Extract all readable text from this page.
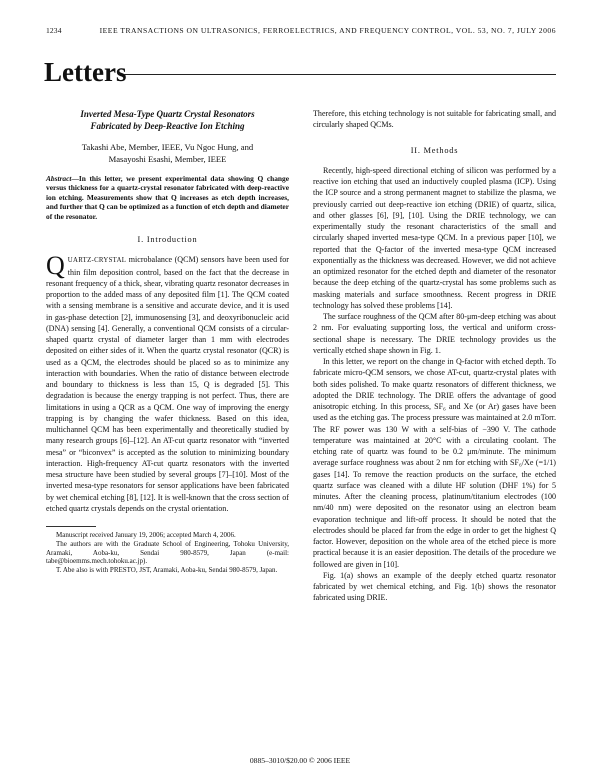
1234	IEEE TRANSACTIONS ON ULTRASONICS, FERROELECTRICS, AND FREQUENCY CONTROL, VOL. 53, NO. 7, JULY 2006
Letters
Inverted Mesa-Type Quartz Crystal Resonators
Fabricated by Deep-Reactive Ion Etching
Takashi Abe, Member, IEEE, Vu Ngoc Hung, and
Masayoshi Esashi, Member, IEEE
Abstract—In this letter, we present experimental data showing Q change versus thickness for a quartz-crystal resonator fabricated with deep-reactive ion etching. Measurements show that Q increases as etch depth increases, and further that Q can be optimized as a function of etch depth and diameter of the resonator.
I. Introduction

QUARTZ-CRYSTAL microbalance (QCM) sensors have been used for thin film deposition control, based on the fact that the decrease in resonant frequency of a thick, shear, vibrating quartz resonator decreases in proportion to the added mass of any deposited film [1]. The QCM coated with a sensing membrane is a sensitive and accurate device, and it is used in gas-phase detection [2], immunosensing [3], and deoxyribonucleic acid (DNA) sensing [4]. Generally, a conventional QCM consists of a circular-shaped quartz crystal of diameter larger than 1 mm with electrodes deposited on either sides of it. When the quartz crystal resonator (QCR) is used as a QCM, the electrodes should be placed so as to minimize any interaction with boundaries. When the ratio of distance between electrode and boundary to thickness is less than 15, Q is degraded [5]. This degradation is because the energy trapping is not perfect. Thus, there are limitations in using a QCR as a QCM. One way of improving the energy trapping is by changing the wafer thickness. Based on this idea, multichannel QCM has been experimentally and theoretically studied by many research groups [6]–[12]. An AT-cut quartz resonator with “inverted mesa” or “biconvex” is accepted as the solution to minimizing boundary interaction. High-frequency AT-cut quartz resonators with the inverted mesa structure have been studied by several groups [7]–[10]. Most of the inverted mesa-type resonators for sensor applications have been fabricated by wet chemical etching [8], [12]. It is well-known that the cross section of etched quartz crystals depends on the crystal orientation.

Manuscript received January 19, 2006; accepted March 4, 2006.

The authors are with the Graduate School of Engineering, Tohoku University, Aramaki, Aoba-ku, Sendai 980-8579, Japan (e-mail: tabe@bioemms.mech.tohoku.ac.jp).

T. Abe also is with PRESTO, JST, Aramaki, Aoba-ku, Sendai 980-8579, Japan.

Therefore, this etching technology is not suitable for fabricating small, and circularly shaped QCMs.

II. Methods

Recently, high-speed directional etching of silicon was performed by a reactive ion etching that used an inductively coupled plasma (ICP). Using the ICP source and a strong permanent magnet to stabilize the plasma, we previously carried out deep-reactive ion etching (DRIE) of quartz, silica, and other glasses [6], [9], [10]. Using the DRIE technology, we can experimentally study the resonant characteristics of the small and circularly shaped inverted mesa-type QCM. In a previous paper [10], we reported that the Q-factor of the inverted mesa-type QCM increased exponentially as the thickness was decreased. However, we did not achieve an optimized resonator for the etched depth and diameter of the resonator because the deep etching of the quartz-crystal has some problems such as masking materials and surface smoothness. Recent progress in DRIE technology has solved these problems [14].

The surface roughness of the QCM after 80-μm-deep etching was about 2 nm. For evaluating supporting loss, the vertical and uniform cross-sectional shape is necessary. The DRIE technology provides us the vertically etched shape shown in Fig. 1.

In this letter, we report on the change in Q-factor with etched depth. To fabricate micro-QCM sensors, we chose AT-cut, quartz-crystal plates with both sides polished. To make quartz resonators of different thickness, we adopted the DRIE technology. The DRIE offers the advantage of good anisotropic etching. In this process, SF₆ and Xe (or Ar) gases have been used as the etching gas. The process pressure was maintained at 2.0 mTorr. The RF power was 130 W with a self-bias of −390 V. The cathode temperature was maintained at 20°C with a circulating coolant. The etching rate of quartz was found to be 0.2 μm/minute. The minimum average surface roughness was about 2 nm for etching with SF₆/Xe (=1/1) gases [14]. To remove the reaction products on the surface, the etched quartz surface was cleaned with a dilute HF solution (DHF 1%) for 5 minutes. After the cleaning process, platinum/titanium electrodes (100 nm/40 nm) were deposited on the resonator using an electron beam evaporation technique and lift-off process. It should be noted that the electrodes should be placed far from the edge in order to get the highest Q factor. However, deposition on the whole area of the etched piece is more practical because it is an easier deposition. The details of the procedure we followed are given in [10].

Fig. 1(a) shows an example of the deeply etched quartz resonator fabricated by wet chemical etching, and Fig. 1(b) shows the resonator fabricated using DRIE.

0885–3010/$20.00 © 2006 IEEE
